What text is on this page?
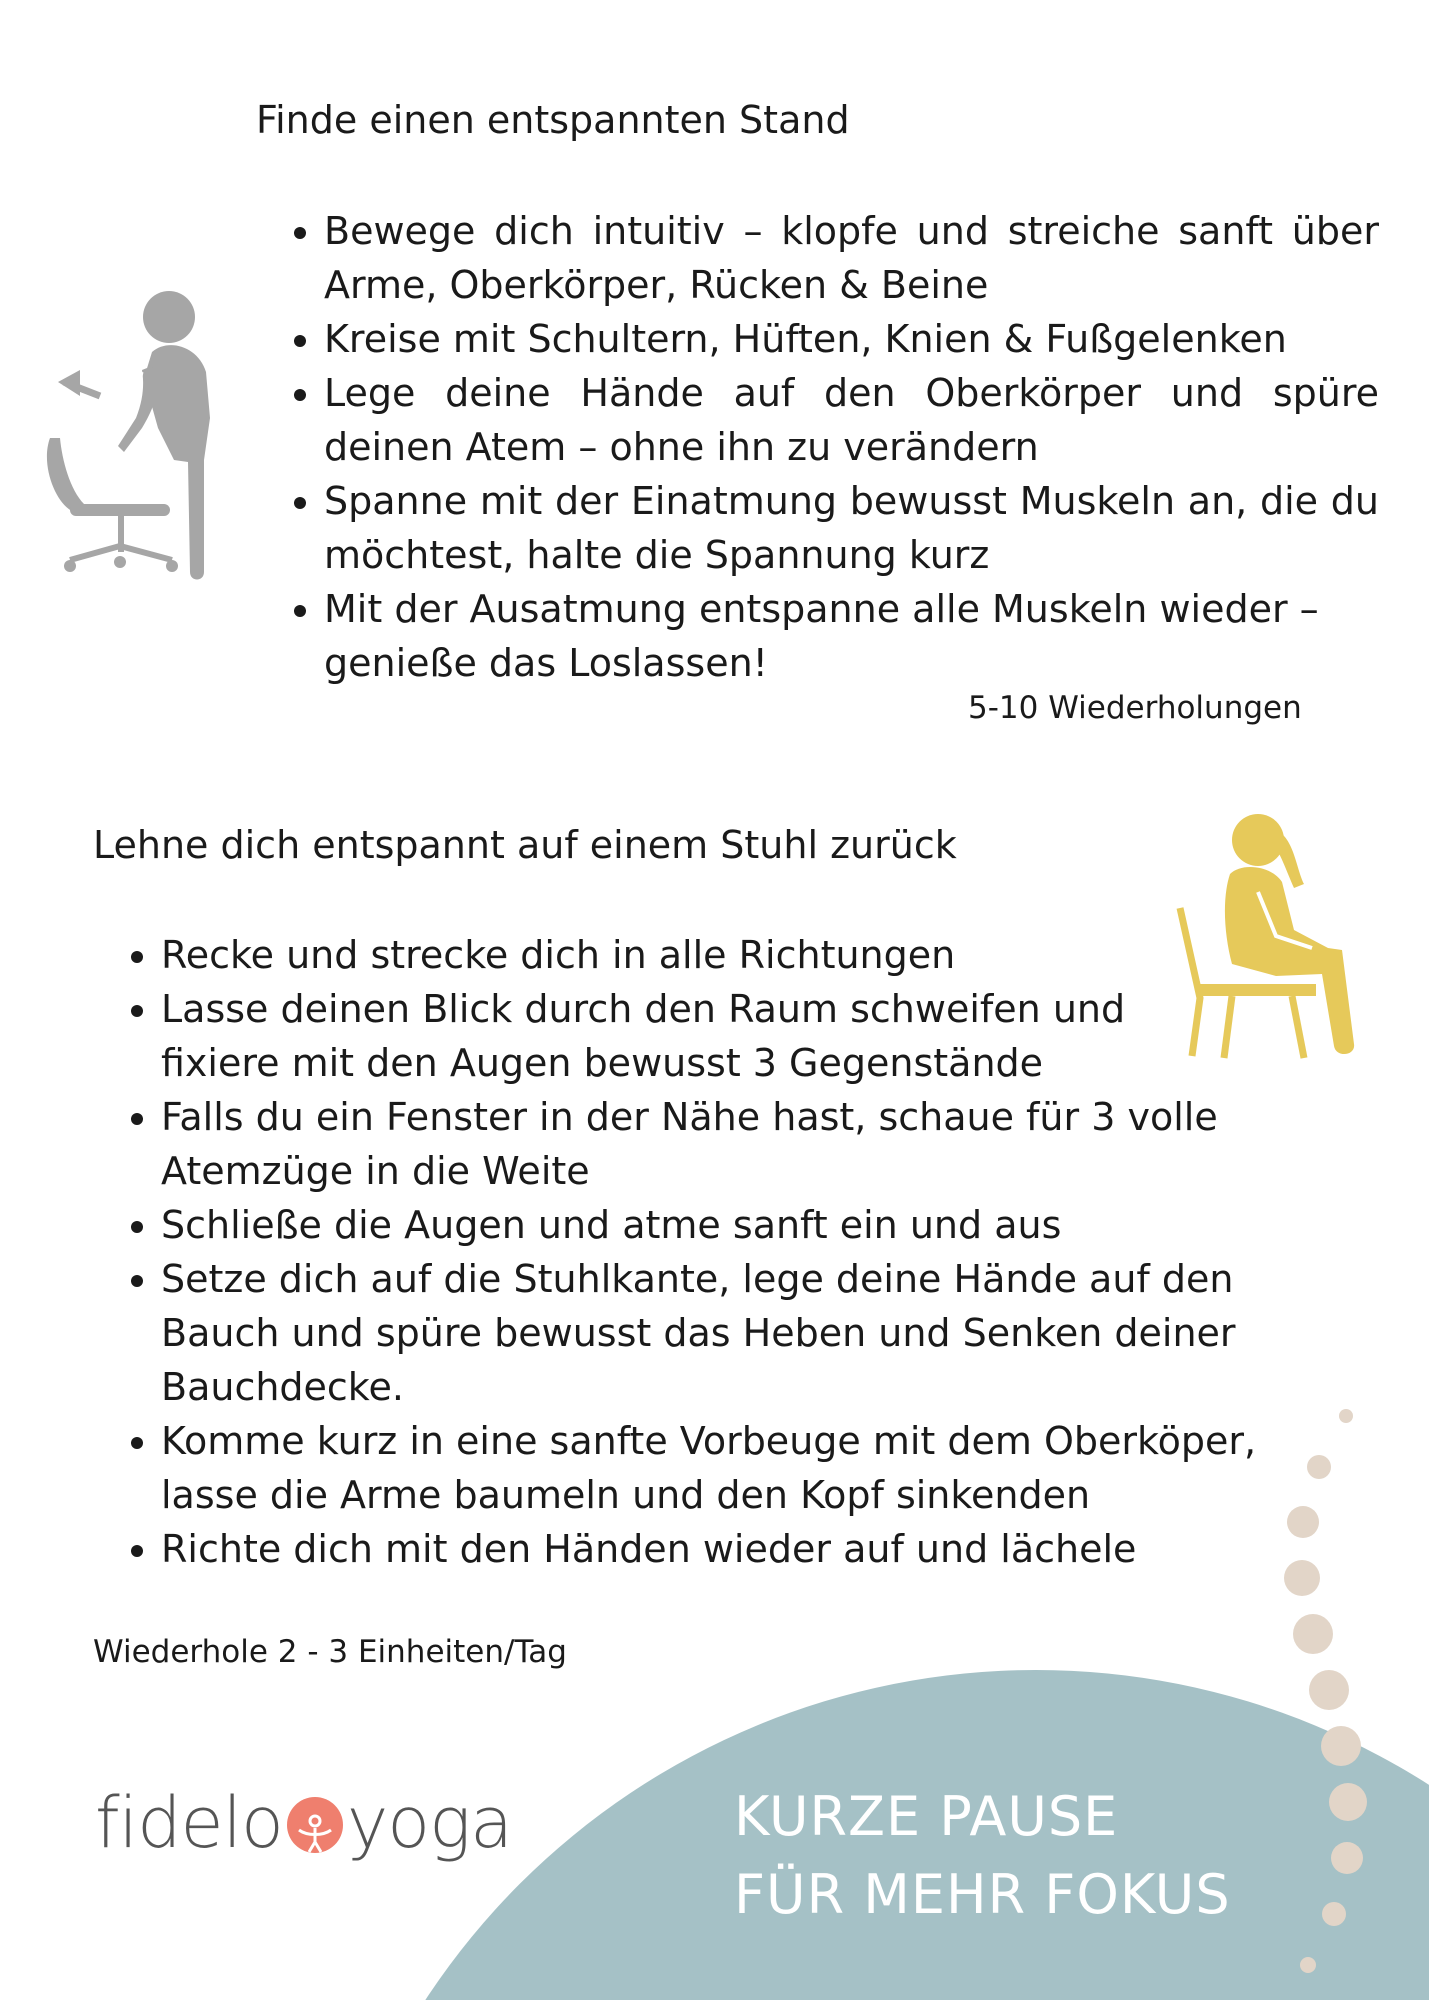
Finde einen entspannten Stand
• Bewege dich intuitiv – klopfe und streiche sanft über Arme, Oberkörper, Rücken & Beine
• Kreise mit Schultern, Hüften, Knien & Fußgelenken
• Lege deine Hände auf den Oberkörper und spüre deinen Atem – ohne ihn zu verändern
• Spanne mit der Einatmung bewusst Muskeln an, die du möchtest, halte die Spannung kurz
• Mit der Ausatmung entspanne alle Muskeln wieder – genieße das Loslassen!
5-10 Wiederholungen
Lehne dich entspannt auf einem Stuhl zurück
• Recke und strecke dich in alle Richtungen
• Lasse deinen Blick durch den Raum schweifen und fixiere mit den Augen bewusst 3 Gegenstände
• Falls du ein Fenster in der Nähe hast, schaue für 3 volle Atemzüge in die Weite
• Schließe die Augen und atme sanft ein und aus
• Setze dich auf die Stuhlkante, lege deine Hände auf den Bauch und spüre bewusst das Heben und Senken deiner Bauchdecke.
• Komme kurz in eine sanfte Vorbeuge mit dem Oberköper, lasse die Arme baumeln und den Kopf sinkenden
• Richte dich mit den Händen wieder auf und lächele
Wiederhole 2 - 3 Einheiten/Tag
fidelo yoga	KURZE PAUSE
FÜR MEHR FOKUS
